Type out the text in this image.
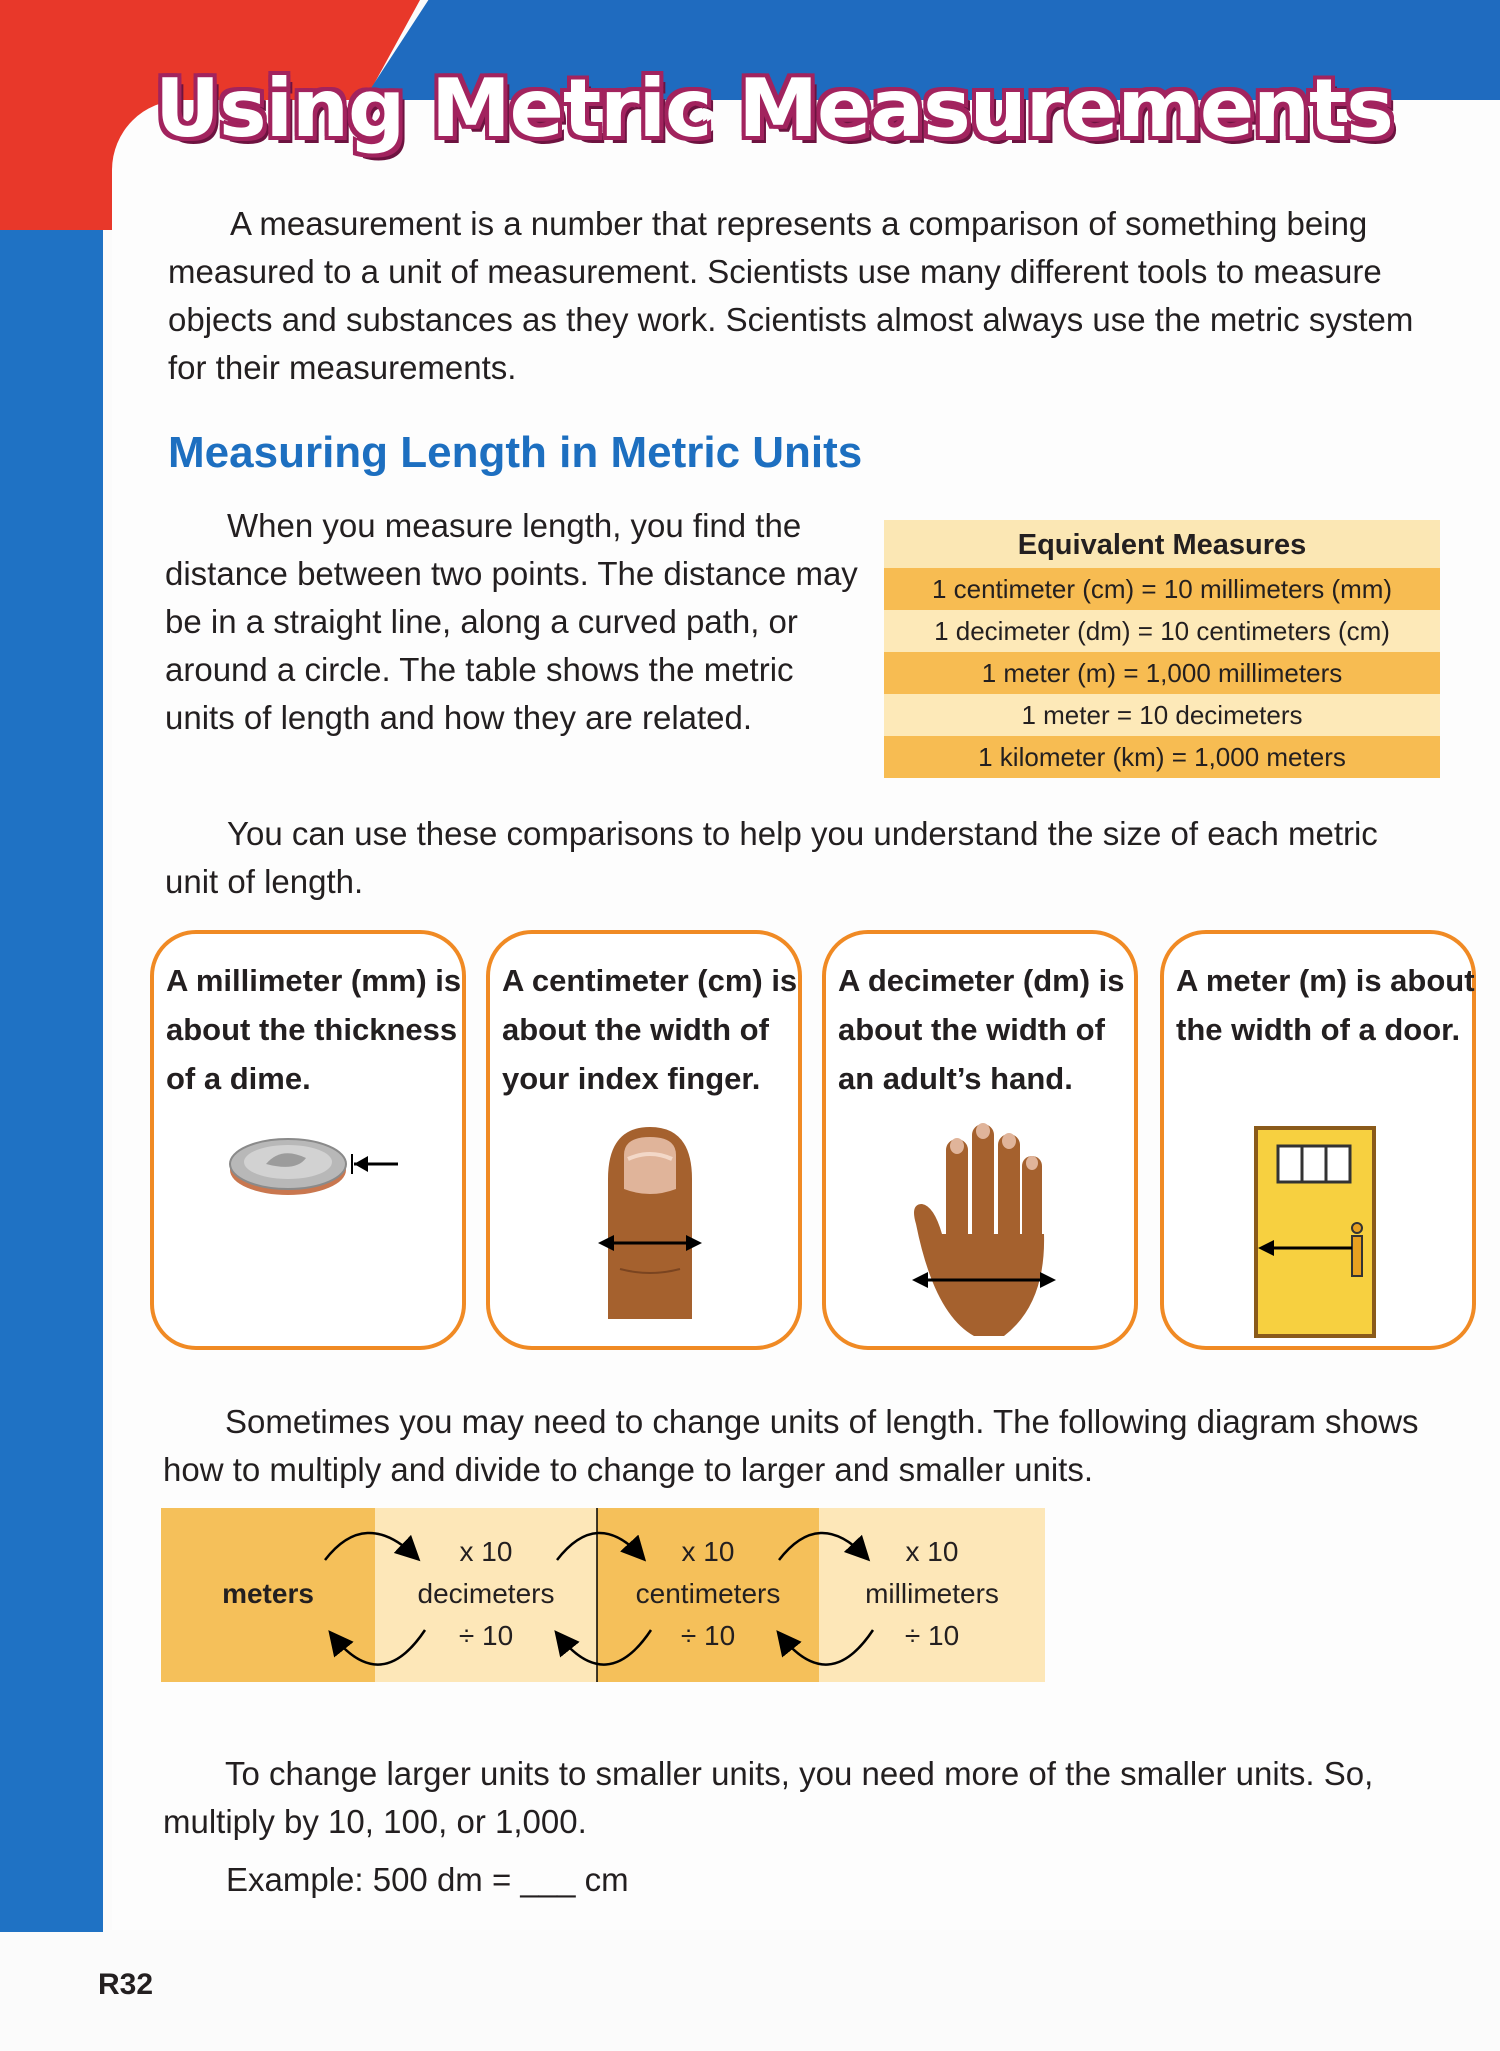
Using Metric Measurements
A measurement is a number that represents a comparison of something being measured to a unit of measurement. Scientists use many different tools to measure objects and substances as they work. Scientists almost always use the metric system for their measurements.
Measuring Length in Metric Units
When you measure length, you find the distance between two points. The distance may be in a straight line, along a curved path, or around a circle. The table shows the metric units of length and how they are related.
Equivalent Measures
1 centimeter (cm) = 10 millimeters (mm)
1 decimeter (dm) = 10 centimeters (cm)
1 meter (m) = 1,000 millimeters
1 meter = 10 decimeters
1 kilometer (km) = 1,000 meters
You can use these comparisons to help you understand the size of each metric unit of length.
A millimeter (mm) is about the thickness of a dime.
A centimeter (cm) is about the width of your index finger.
A decimeter (dm) is about the width of an adult’s hand.
A meter (m) is about the width of a door.
Sometimes you may need to change units of length. The following diagram shows how to multiply and divide to change to larger and smaller units.
meters	decimeters	centimeters	millimeters
x 10	x 10	x 10
÷ 10	÷ 10	÷ 10
To change larger units to smaller units, you need more of the smaller units. So, multiply by 10, 100, or 1,000.
Example: 500 dm = ___ cm
R32
